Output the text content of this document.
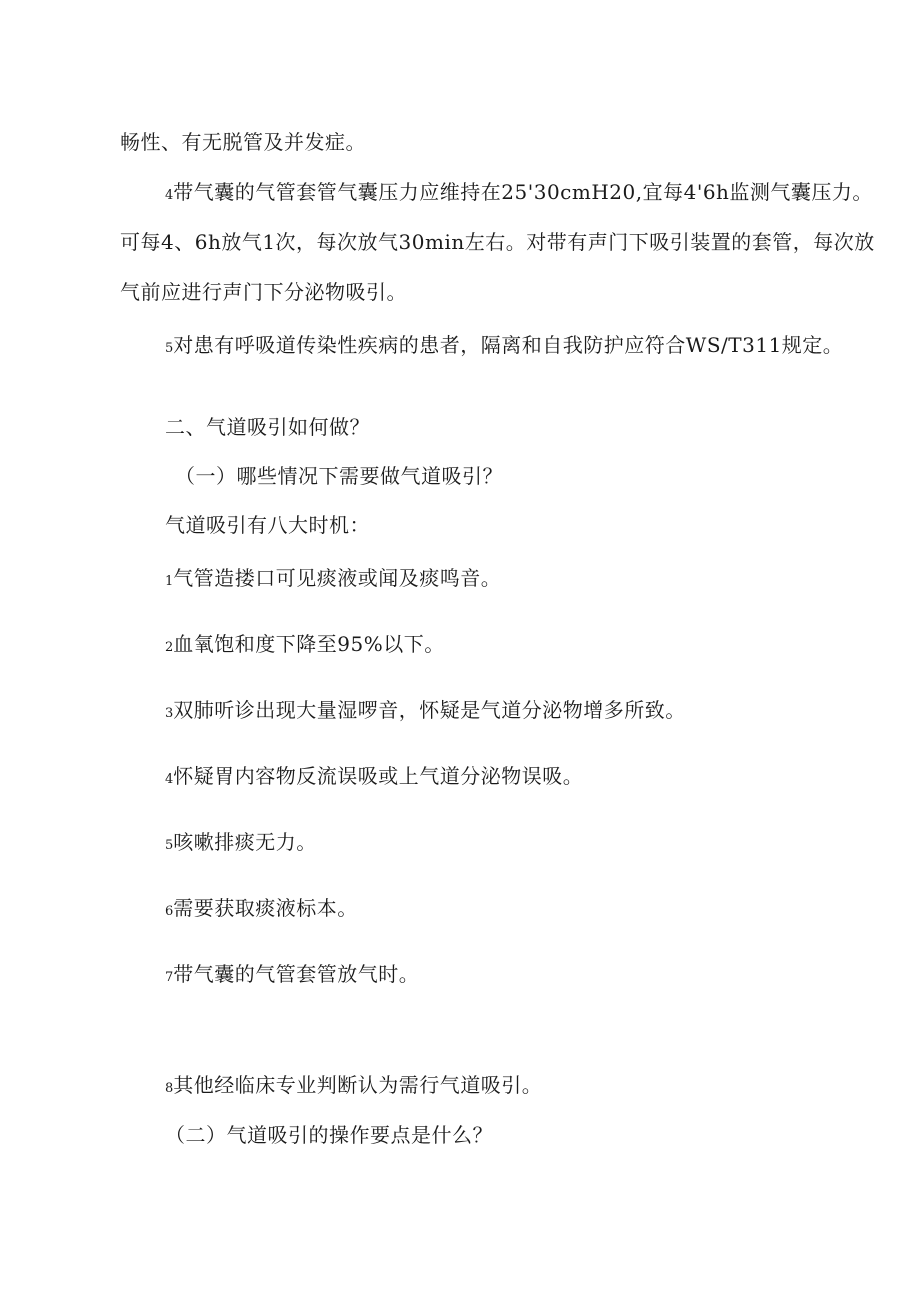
畅性、有无脱管及并发症。
4带气囊的气管套管气囊压力应维持在25'30cmH20,宜每4'6h监测气囊压力。
可每4、6h放气1次，每次放气30min左右。对带有声门下吸引装置的套管，每次放
气前应进行声门下分泌物吸引。
5对患有呼吸道传染性疾病的患者，隔离和自我防护应符合WS/T311规定。
二、气道吸引如何做？
（一）哪些情况下需要做气道吸引？
气道吸引有八大时机：
1气管造搂口可见痰液或闻及痰鸣音。
2血氧饱和度下降至95%以下。
3双肺听诊出现大量湿啰音，怀疑是气道分泌物增多所致。
4怀疑胃内容物反流误吸或上气道分泌物误吸。
5咳嗽排痰无力。
6需要获取痰液标本。
7带气囊的气管套管放气时。
8其他经临床专业判断认为需行气道吸引。
（二）气道吸引的操作要点是什么？
